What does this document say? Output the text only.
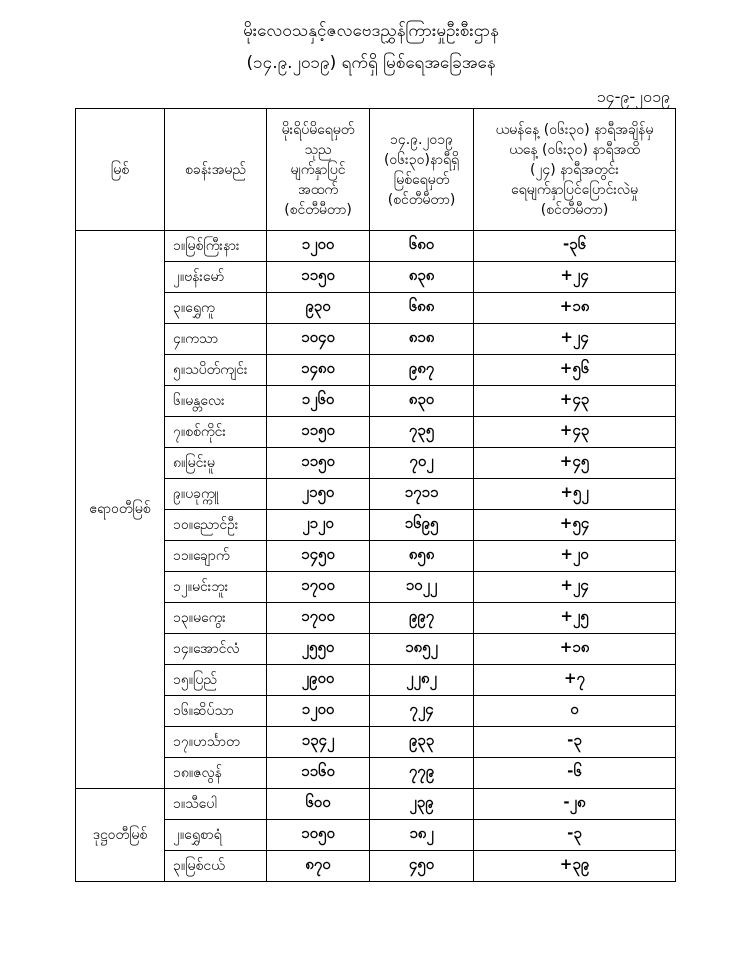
မိုးလေဝသနှင့်ဇလဗေဒညွှန်ကြားမှုဦးစီးဌာန
(၁၄.၉.၂၀၁၉) ရက်ရှိ မြစ်ရေအခြေအနေ
၁၄-၉-၂၀၁၉
မြစ်	စခန်းအမည်	မိုးရိပ်မိရေမှတ်
သုည
မျက်နှာပြင်
အထက်
(စင်တီမီတာ)	၁၄.၉.၂၀၁၉
(၀၆း၃၀)နာရီရှိ
မြစ်ရေမှတ်
(စင်တီမီတာ)	ယမန်နေ့ (၀၆း၃၀) နာရီအချိန်မှ
ယနေ့ (၀၆း၃၀) နာရီအထိ
(၂၄) နာရီအတွင်း
ရေမျက်နှာပြင်ပြောင်းလဲမှု
(စင်တီမီတာ)
ဧရာဝတီမြစ်	၁။မြစ်ကြီးနား	၁၂၀၀	၆၈၀	-၃၆
	၂။ဗန်းမော်	၁၁၅၀	၈၃၈	+၂၄
	၃။ရွှေကူ	၉၃၀	၆၈၈	+၁၈
	၄။ကသာ	၁၀၄၀	၈၁၈	+၂၄
	၅။သပိတ်ကျင်း	၁၄၈၀	၉၈၇	+၅၆
	၆။မန္တလေး	၁၂၆၀	၈၃၀	+၄၃
	၇။စစ်ကိုင်း	၁၁၅၀	၇၃၅	+၄၃
	၈။မြင်းမူ	၁၁၅၀	၇၀၂	+၄၅
	၉။ပခုက္ကူ	၂၁၅၀	၁၇၁၁	+၅၂
	၁၀။ညောင်ဦး	၂၁၂၀	၁၆၉၅	+၅၄
	၁၁။ချောက်	၁၄၅၀	၈၅၈	+၂၀
	၁၂။မင်းဘူး	၁၇၀၀	၁၀၂၂	+၂၄
	၁၃။မကွေး	၁၇၀၀	၉၉၇	+၂၅
	၁၄။အောင်လံ	၂၅၅၀	၁၈၅၂	+၁၈
	၁၅။ပြည်	၂၉၀၀	၂၂၈၂	+၇
	၁၆။ဆိပ်သာ	၁၂၀၀	၇၂၄	၀
	၁၇။ဟင်္သာတ	၁၃၄၂	၉၃၃	-၃
	၁၈။ဇလွန်	၁၁၆၀	၇၇၉	-၆
ဒုဋ္ဌဝတီမြစ်	၁။သီပေါ	၆၀၀	၂၃၉	-၂၈
	၂။ရွှေစာရံ	၁၀၅၀	၁၈၂	-၃
	၃။မြစ်ငယ်	၈၇၀	၄၅၀	+၃၉
